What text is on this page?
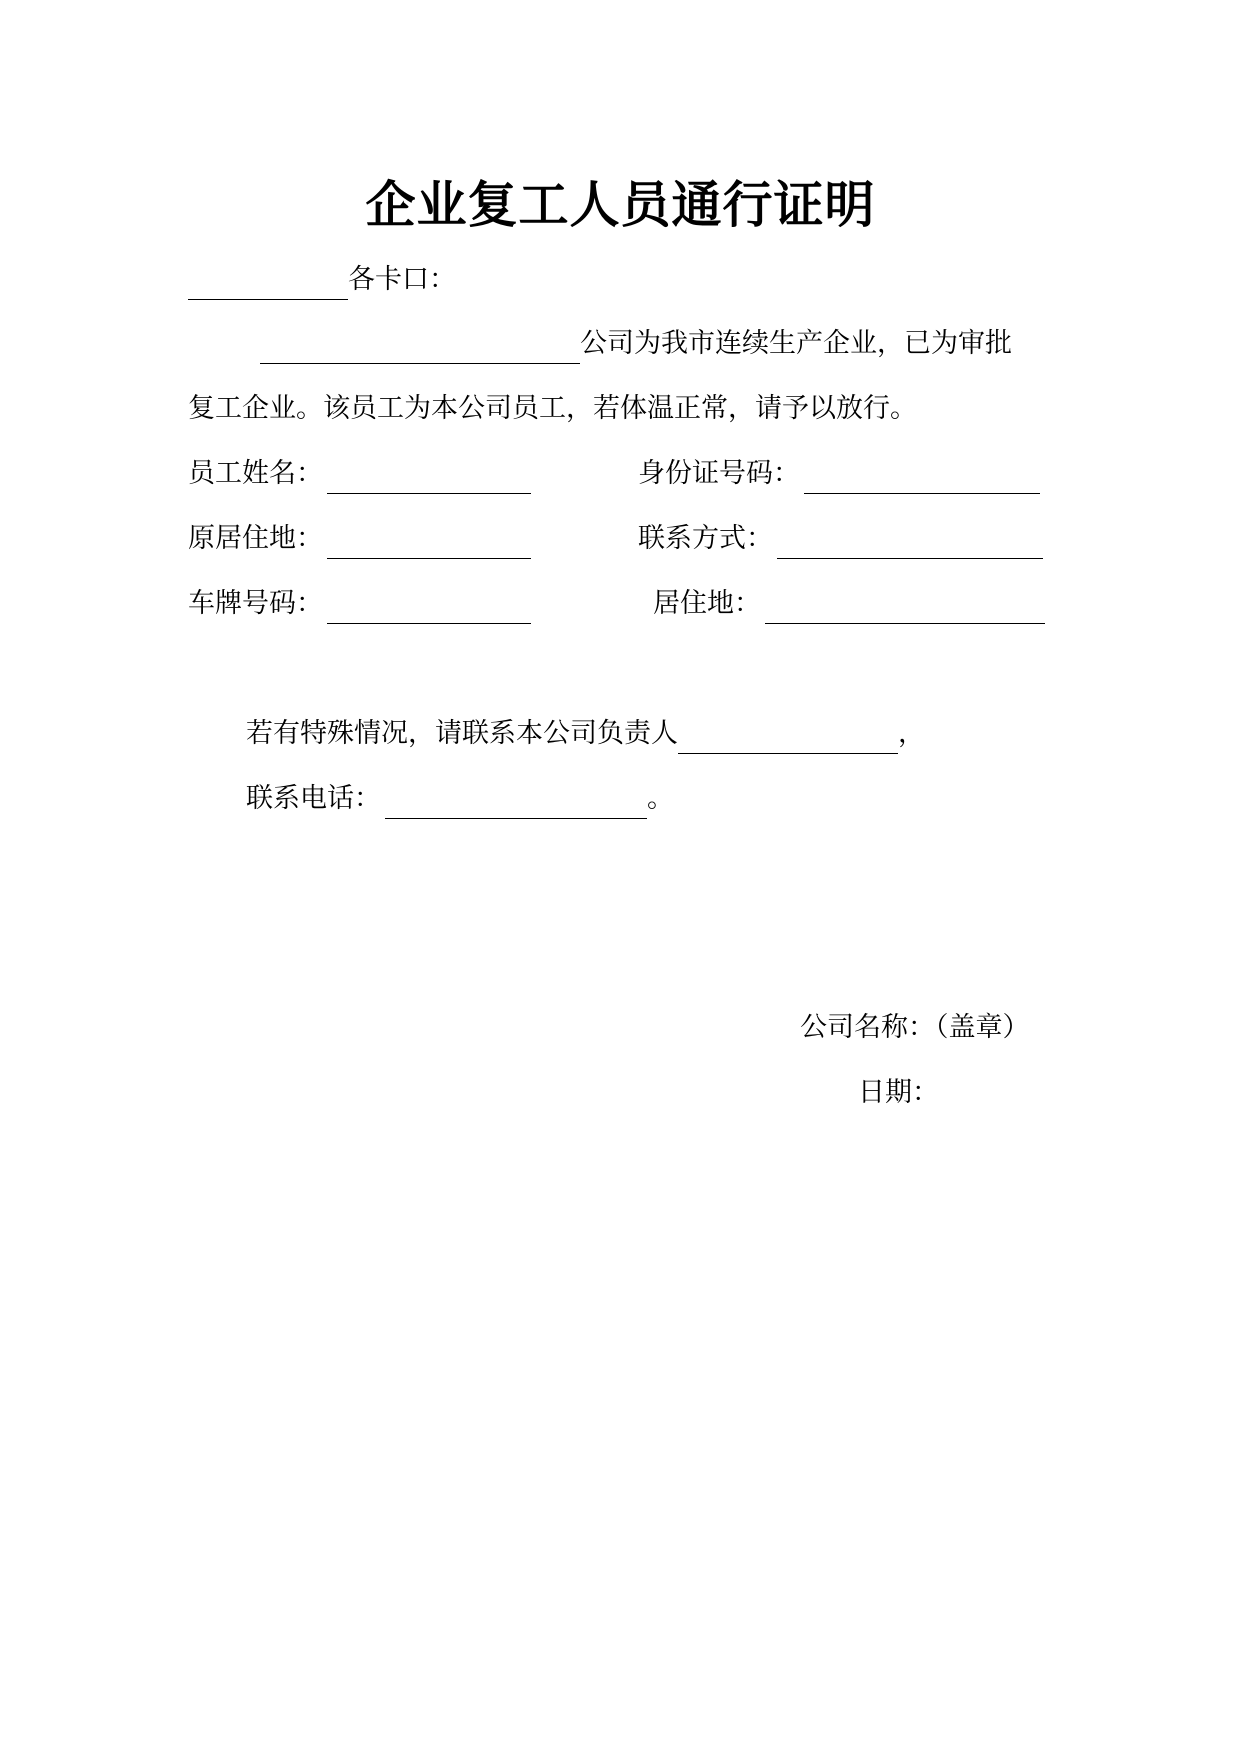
企业复工人员通行证明
各卡口：
公司为我市连续生产企业，已为审批
复工企业。该员工为本公司员工，若体温正常，请予以放行。
员工姓名：	身份证号码：
原居住地：	联系方式：
车牌号码：	居住地：
若有特殊情况，请联系本公司负责人	，
联系电话：	。
公司名称：（盖章）
日期：
